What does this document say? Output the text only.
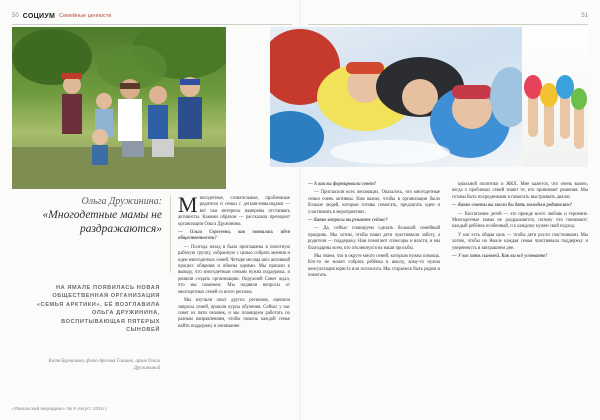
50 СОЦИУМ Семейные ценности	51
Ольга Дружинина:
«Многодетные мамы не раздражаются»
НА ЯМАЛЕ ПОЯВИЛАСЬ НОВАЯ ОБЩЕСТВЕННАЯ ОРГАНИЗАЦИЯ «СЕМЬЯ АРКТИКИ», ЕЁ ВОЗГЛАВИЛА ОЛЬГА ДРУЖИНИНА, ВОСПИТЫВАЮЩАЯ ПЯТЕРЫХ СЫНОВЕЙ
Катя Бурнашова, фото Арсения Гавлина, архив Ольги Дружининой

Многодетные, сознательные, проблемные родители и семьи с детьми-инвалидами — вот чьи интересы намерены отстаивать активисты. Какими образом — рассказала президент организации Ольга Дружинина.

— Ольга Сергеевна, как появилась идея общественности?

— Полгода назад я была приглашена в пилотную рабочую группу, собранную с целью собрать мнения и идеи многодетных семей. Четыре месяца шёл активный процесс общения и обмена идеями. Мы пришли к выводу, что многодетным семьям нужна поддержка, и решили создать организацию. Окружной Совет ждал, что мы поможем. Мы подняли вопросы от многодетных семей со всего региона.

Мы изучили опыт других регионов, оценили запросы семей, прошли курсы обучения. Сейчас у нас совет из пяти человек, и мы планируем работать по разным направлениям, чтобы помочь каждой семье найти поддержку и понимание.

— А как вы формировали совет?

— Пригласили всех желающих. Оказалось, что многодетные семьи очень активны. Нам важно, чтобы в организации было больше людей, которые готовы помогать, предлагать идеи и участвовать в мероприятиях.

— Какие вопросы вы решаете сейчас?

— Да, сейчас планируем сделать большой семейный праздник. Мы хотим, чтобы наши дети чувствовали заботу, а родители — поддержку. Нам помогают спонсоры и власти, и мы благодарны всем, кто откликнулся на наши просьбы.

Мы знаем, что в округе много семей, которым нужна помощь. Кто-то не может собрать ребёнка в школу, кому-то нужна консультация юриста или психолога. Мы стараемся быть рядом и помогать.

циальной политики и ЖКХ. Мне кажется, что очень важно, когда о проблемах семей знают те, кто принимает решения. Мы готовы быть посредниками и помогать выстраивать диалог.

— Какие советы вы могли бы дать молодым родителям?

— Воспитание детей — это прежде всего любовь и терпение. Многодетные мамы не раздражаются, потому что понимают: каждый ребёнок особенный, и к каждому нужен свой подход.

У нас есть общая цель — чтобы дети росли счастливыми. Мы хотим, чтобы на Ямале каждая семья чувствовала поддержку и уверенность в завтрашнем дне.

— У вас пять сыновей. Как вы всё успеваете?

«Ямальский меридиан» № 8 Август 2016 г.
